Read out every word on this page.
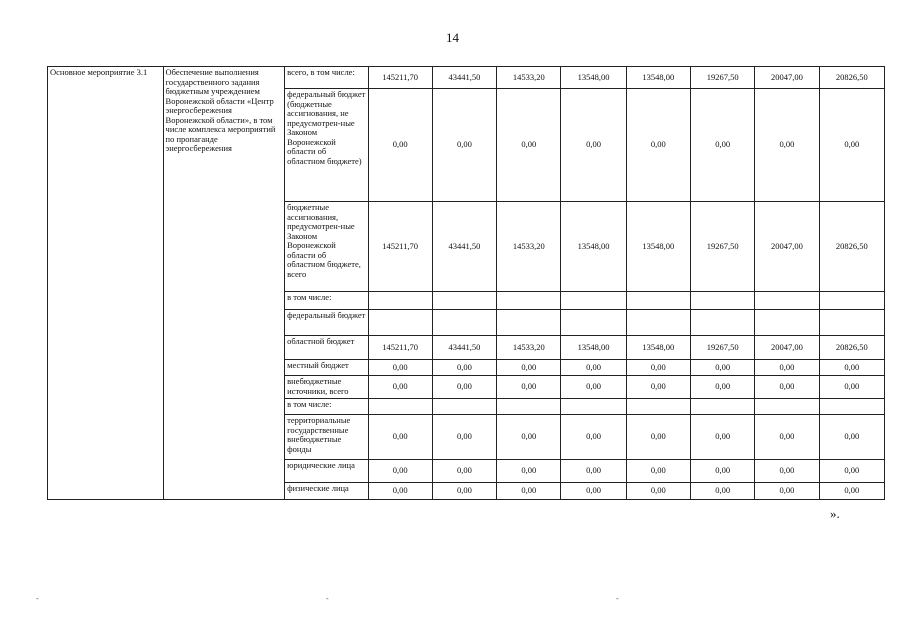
14
Основное мероприятие 3.1	Обеспечение выполнения государственного задания бюджетным учреждением Воронежской области «Центр энергосбережения Воронежской области», в том числе комплекса мероприятий по пропаганде энергосбережения	всего, в том числе:	145211,70	43441,50	14533,20	13548,00	13548,00	19267,50	20047,00	20826,50
		федеральный бюджет (бюджетные ассигнования, не предусмотрен-ные Законом Воронежской области об областном бюджете)	0,00	0,00	0,00	0,00	0,00	0,00	0,00	0,00
		бюджетные ассигнования, предусмотрен-ные Законом Воронежской области об областном бюджете, всего	145211,70	43441,50	14533,20	13548,00	13548,00	19267,50	20047,00	20826,50
		в том числе:								
		федеральный бюджет								
		областной бюджет	145211,70	43441,50	14533,20	13548,00	13548,00	19267,50	20047,00	20826,50
		местный бюджет	0,00	0,00	0,00	0,00	0,00	0,00	0,00	0,00
		внебюджетные источники, всего	0,00	0,00	0,00	0,00	0,00	0,00	0,00	0,00
		в том числе:								
		территориальные государственные внебюджетные фонды	0,00	0,00	0,00	0,00	0,00	0,00	0,00	0,00
		юридические лица	0,00	0,00	0,00	0,00	0,00	0,00	0,00	0,00
		физические лица	0,00	0,00	0,00	0,00	0,00	0,00	0,00	0,00
».
-	-	-
